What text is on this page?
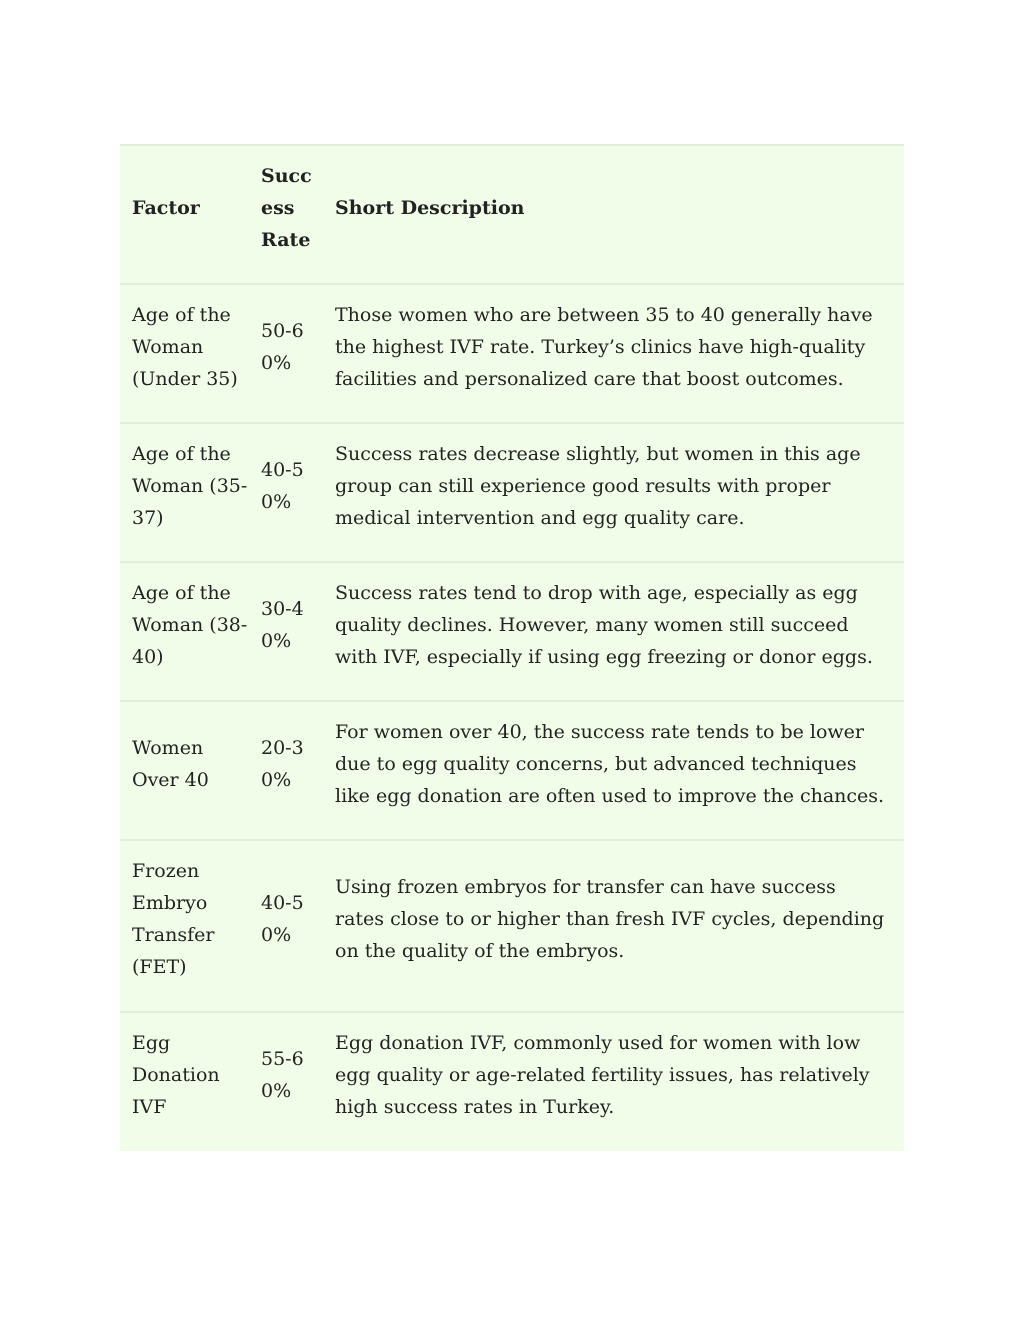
Factor	Success Rate	Short Description

Age of the Woman (Under 35)	50-60%	Those women who are between 35 to 40 generally have the highest IVF rate. Turkey’s clinics have high-quality facilities and personalized care that boost outcomes.

Age of the Woman (35-37)	40-50%	Success rates decrease slightly, but women in this age group can still experience good results with proper medical intervention and egg quality care.

Age of the Woman (38-40)	30-40%	Success rates tend to drop with age, especially as egg quality declines. However, many women still succeed with IVF, especially if using egg freezing or donor eggs.

Women Over 40	20-30%	For women over 40, the success rate tends to be lower due to egg quality concerns, but advanced techniques like egg donation are often used to improve the chances.

Frozen Embryo Transfer (FET)	40-50%	Using frozen embryos for transfer can have success rates close to or higher than fresh IVF cycles, depending on the quality of the embryos.

Egg Donation IVF	55-60%	Egg donation IVF, commonly used for women with low egg quality or age-related fertility issues, has relatively high success rates in Turkey.
